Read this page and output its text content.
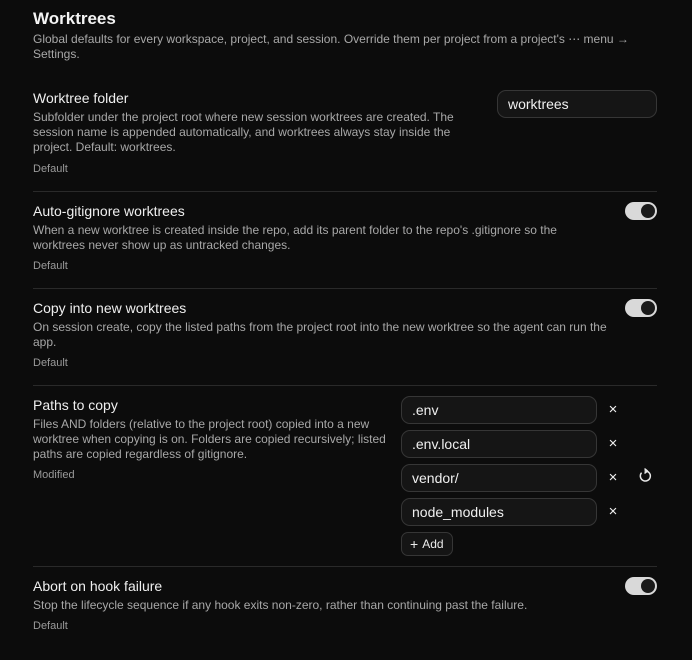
Worktrees
Global defaults for every workspace, project, and session. Override them per project from a project's ⋯ menu → Settings.
Worktree folder
Subfolder under the project root where new session worktrees are created. The session name is appended automatically, and worktrees always stay inside the project. Default: worktrees.
Default
worktrees
Auto-gitignore worktrees
When a new worktree is created inside the repo, add its parent folder to the repo's .gitignore so the worktrees never show up as untracked changes.
Default
Copy into new worktrees
On session create, copy the listed paths from the project root into the new worktree so the agent can run the app.
Default
Paths to copy
Files AND folders (relative to the project root) copied into a new worktree when copying is on. Folders are copied recursively; listed paths are copied regardless of gitignore.
Modified
.env
×
.env.local
×
vendor/
×
node_modules
×
+ Add
Abort on hook failure
Stop the lifecycle sequence if any hook exits non-zero, rather than continuing past the failure.
Default
